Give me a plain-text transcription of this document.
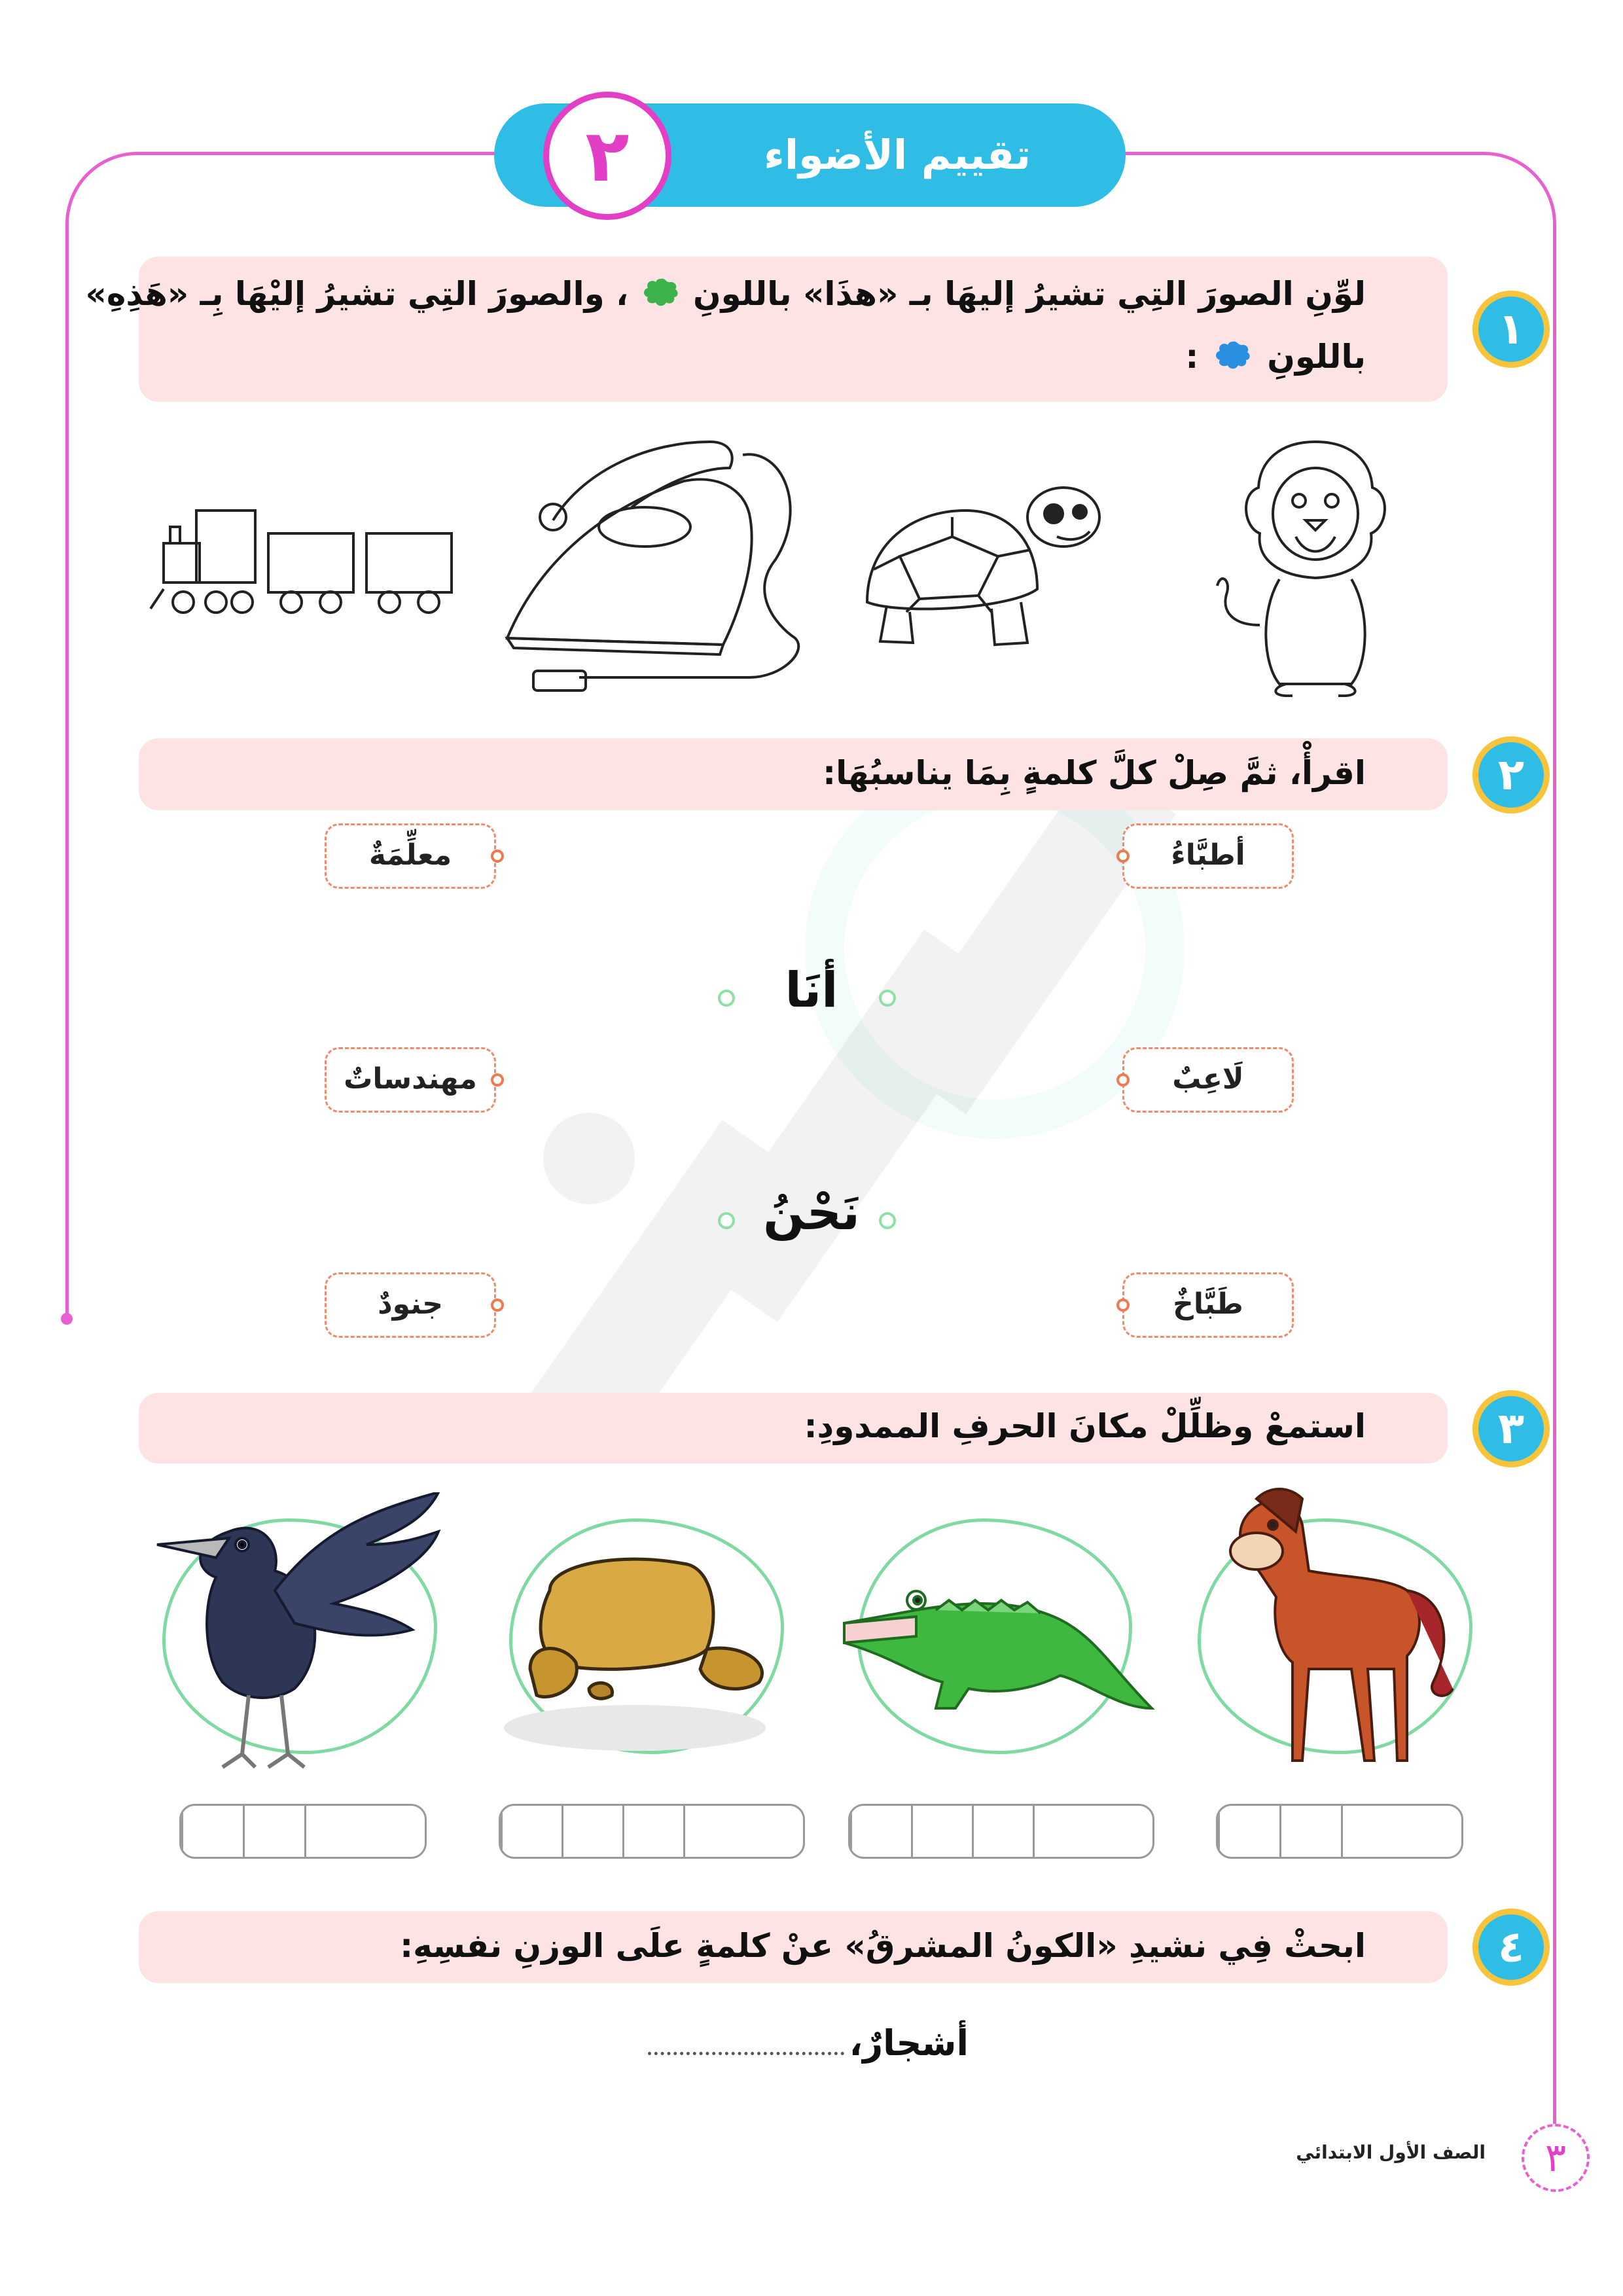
تقييم الأضواء
٢
لوِّنِ الصورَ التِي تشيرُ إليهَا بـ «هذَا» باللونِ  ، والصورَ التِي تشيرُ إليْهَا بِـ «هَذِهِ»
باللونِ  :
١
اقرأْ، ثمَّ صِلْ كلَّ كلمةٍ بِمَا يناسبُهَا:	٢
أطبَّاءُ
لَاعِبٌ
طَبَّاخٌ
معلِّمَةٌ
مهندساتٌ
جنودٌ
أنَا
نَحْنُ
استمعْ وظلِّلْ مكانَ الحرفِ الممدودِ:	٣
ابحثْ فِي نشيدِ «الكونُ المشرقُ» عنْ كلمةٍ علَى الوزنِ نفسِهِ:	٤
أشجارٌ،
الصف الأول الابتدائي	٣
